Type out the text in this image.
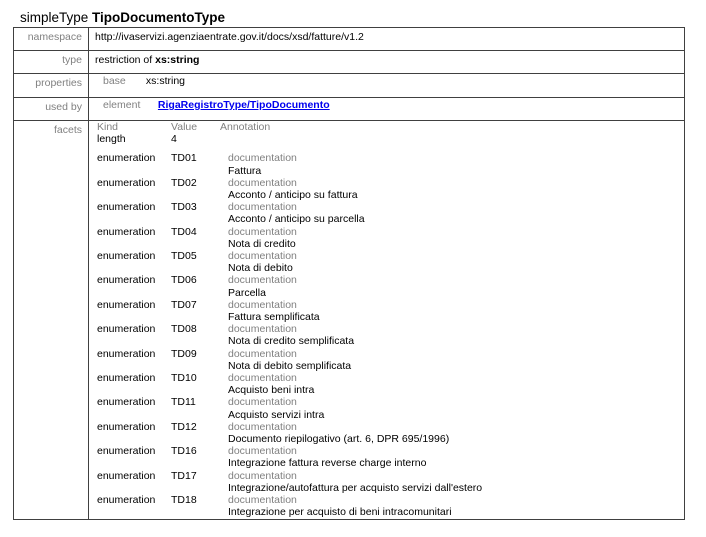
simpleType TipoDocumentoType
namespace	http://ivaservizi.agenziaentrate.gov.it/docs/xsd/fatture/v1.2
type	restriction of xs:string
properties	base xs:string

used by	element RigaRegistroType/TipoDocumento

facets	Kind	Value	Annotation
length	4	
enumeration	TD01	documentation
Fattura

enumeration	TD02	documentation
Acconto / anticipo su fattura

enumeration	TD03	documentation
Acconto / anticipo su parcella

enumeration	TD04	documentation
Nota di credito

enumeration	TD05	documentation
Nota di debito

enumeration	TD06	documentation
Parcella

enumeration	TD07	documentation
Fattura semplificata

enumeration	TD08	documentation
Nota di credito semplificata

enumeration	TD09	documentation
Nota di debito semplificata

enumeration	TD10	documentation
Acquisto beni intra

enumeration	TD11	documentation
Acquisto servizi intra

enumeration	TD12	documentation
Documento riepilogativo (art. 6, DPR 695/1996)

enumeration	TD16	documentation
Integrazione fattura reverse charge interno

enumeration	TD17	documentation
Integrazione/autofattura per acquisto servizi dall'estero

enumeration	TD18	documentation
Integrazione per acquisto di beni intracomunitari
